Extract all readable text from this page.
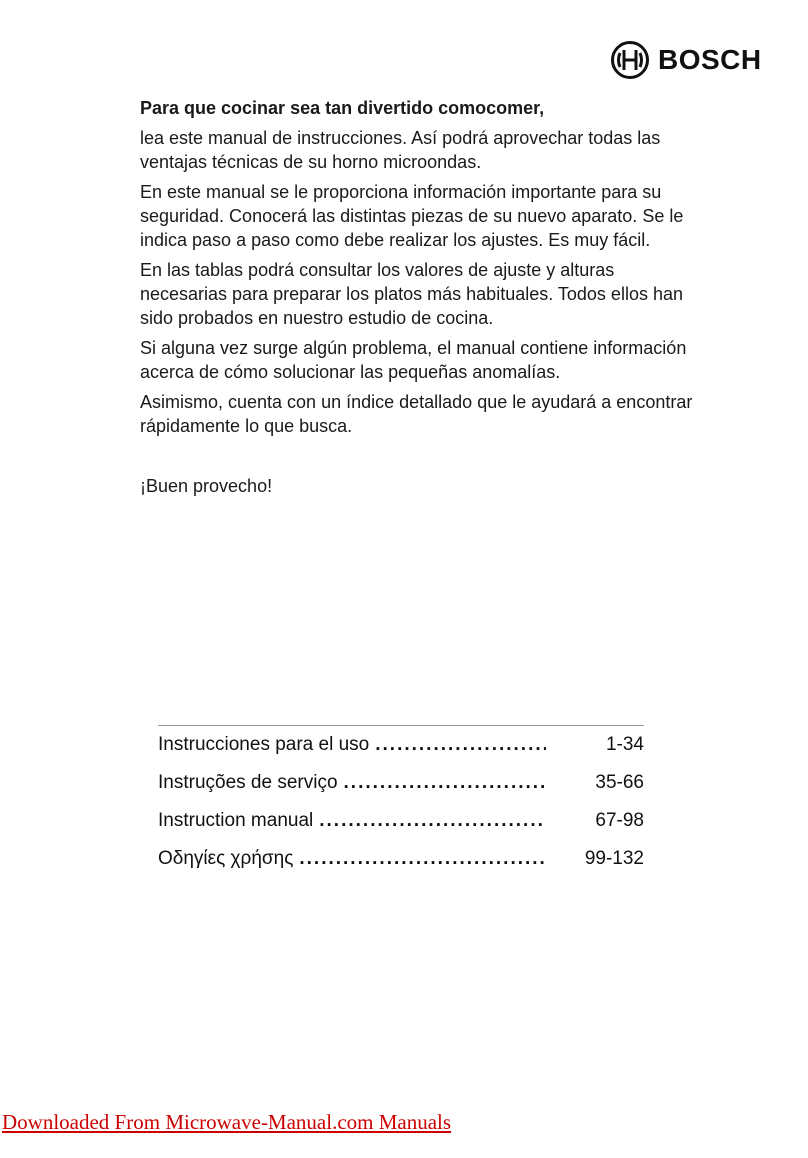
BOSCH
Para que cocinar sea tan divertido comocomer,

lea este manual de instrucciones. Así podrá aprovechar todas las ventajas técnicas de su horno microondas.

En este manual se le proporciona información importante para su seguridad. Conocerá las distintas piezas de su nuevo aparato. Se le indica paso a paso como debe realizar los ajustes. Es muy fácil.

En las tablas podrá consultar los valores de ajuste y alturas necesarias para preparar los platos más habituales. Todos ellos han sido probados en nuestro estudio de cocina.

Si alguna vez surge algún problema, el manual contiene información acerca de cómo solucionar las pequeñas anomalías.

Asimismo, cuenta con un índice detallado que le ayudará a encontrar rápidamente lo que busca.

¡Buen provecho!

Instrucciones para el uso .....	1-34
Instruções de serviço .....	35-66
Instruction manual .....	67-98
Οδηγίες χρήσης .....	99-132
Downloaded From Microwave-Manual.com Manuals
